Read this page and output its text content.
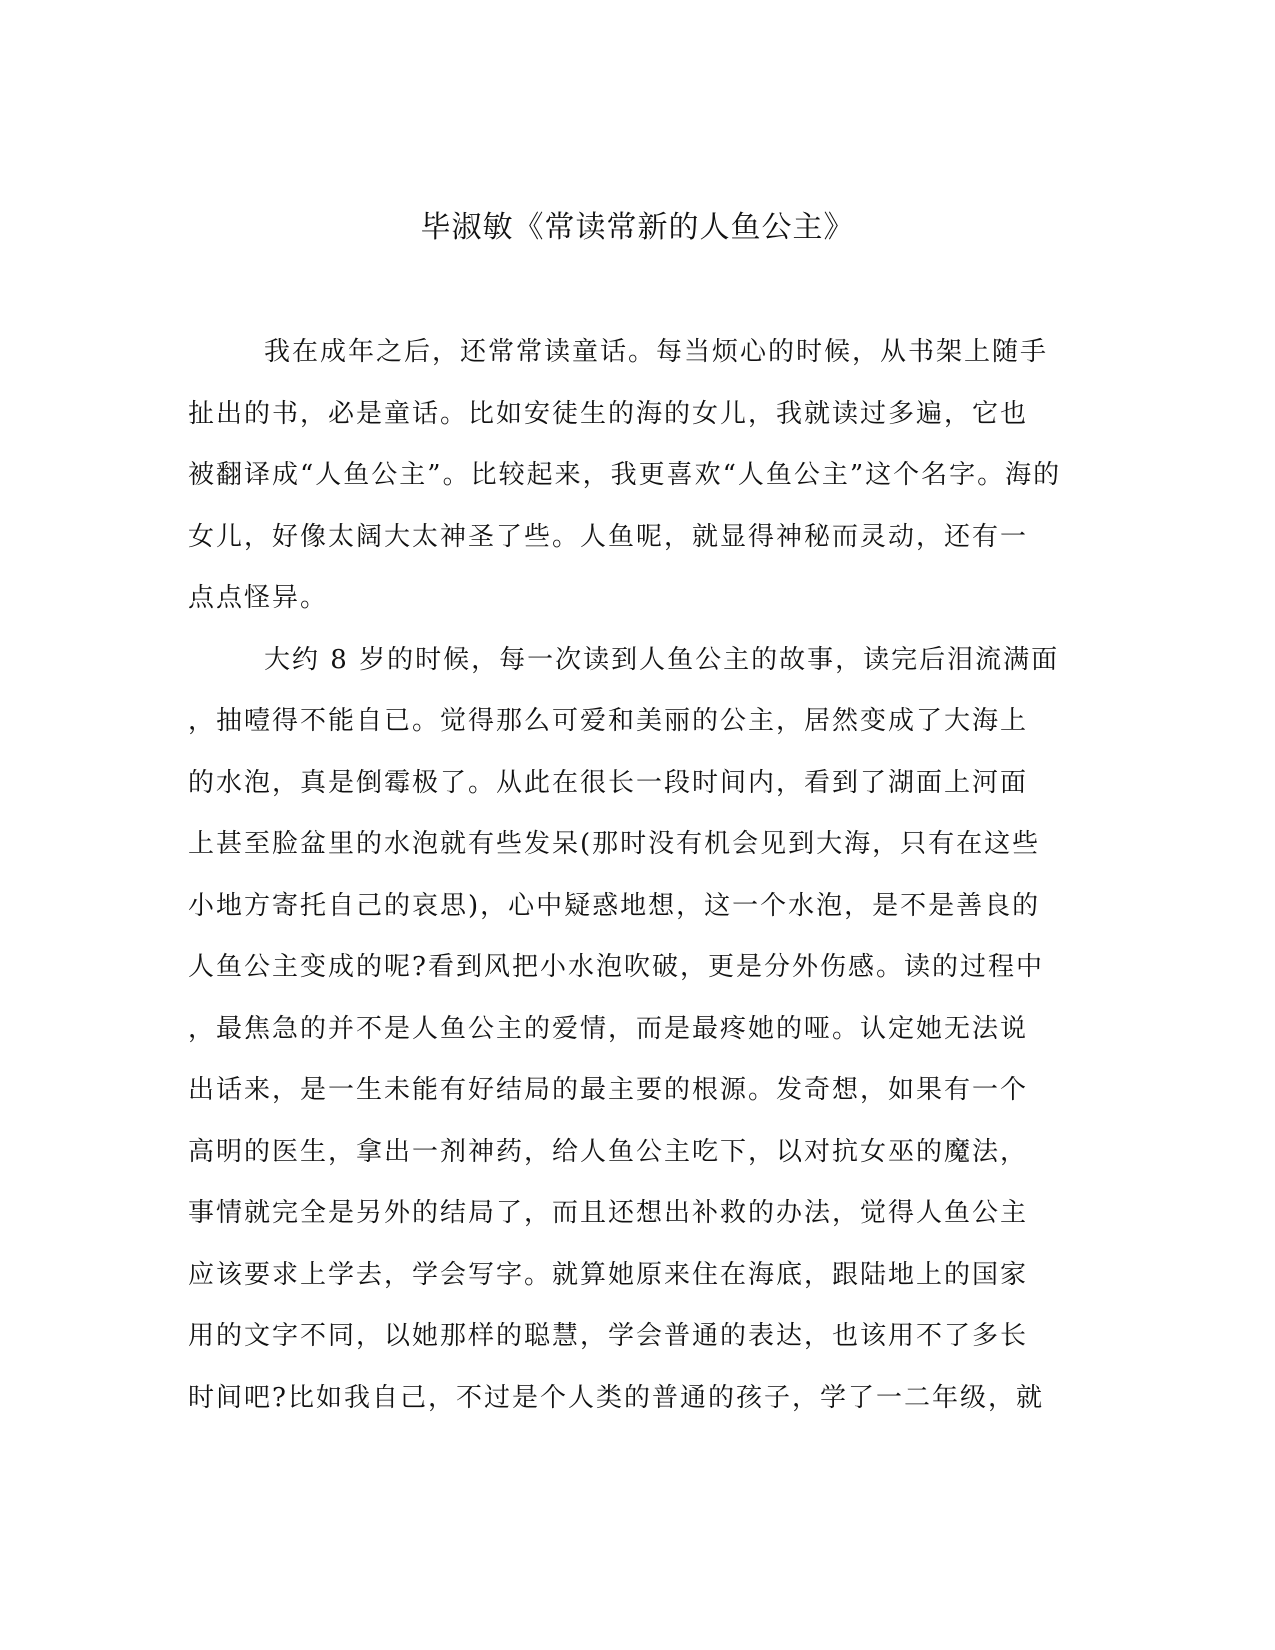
毕淑敏《常读常新的人鱼公主》
我在成年之后，还常常读童话。每当烦心的时候，从书架上随手
扯出的书，必是童话。比如安徒生的海的女儿，我就读过多遍，它也
被翻译成“人鱼公主”。比较起来，我更喜欢“人鱼公主”这个名字。海的
女儿，好像太阔大太神圣了些。人鱼呢，就显得神秘而灵动，还有一
点点怪异。
大约 8 岁的时候，每一次读到人鱼公主的故事，读完后泪流满面
，抽噎得不能自已。觉得那么可爱和美丽的公主，居然变成了大海上
的水泡，真是倒霉极了。从此在很长一段时间内，看到了湖面上河面
上甚至脸盆里的水泡就有些发呆(那时没有机会见到大海，只有在这些
小地方寄托自己的哀思)，心中疑惑地想，这一个水泡，是不是善良的
人鱼公主变成的呢?看到风把小水泡吹破，更是分外伤感。读的过程中
，最焦急的并不是人鱼公主的爱情，而是最疼她的哑。认定她无法说
出话来，是一生未能有好结局的最主要的根源。发奇想，如果有一个
高明的医生，拿出一剂神药，给人鱼公主吃下，以对抗女巫的魔法，
事情就完全是另外的结局了，而且还想出补救的办法，觉得人鱼公主
应该要求上学去，学会写字。就算她原来住在海底，跟陆地上的国家
用的文字不同，以她那样的聪慧，学会普通的表达，也该用不了多长
时间吧?比如我自己，不过是个人类的普通的孩子，学了一二年级，就
